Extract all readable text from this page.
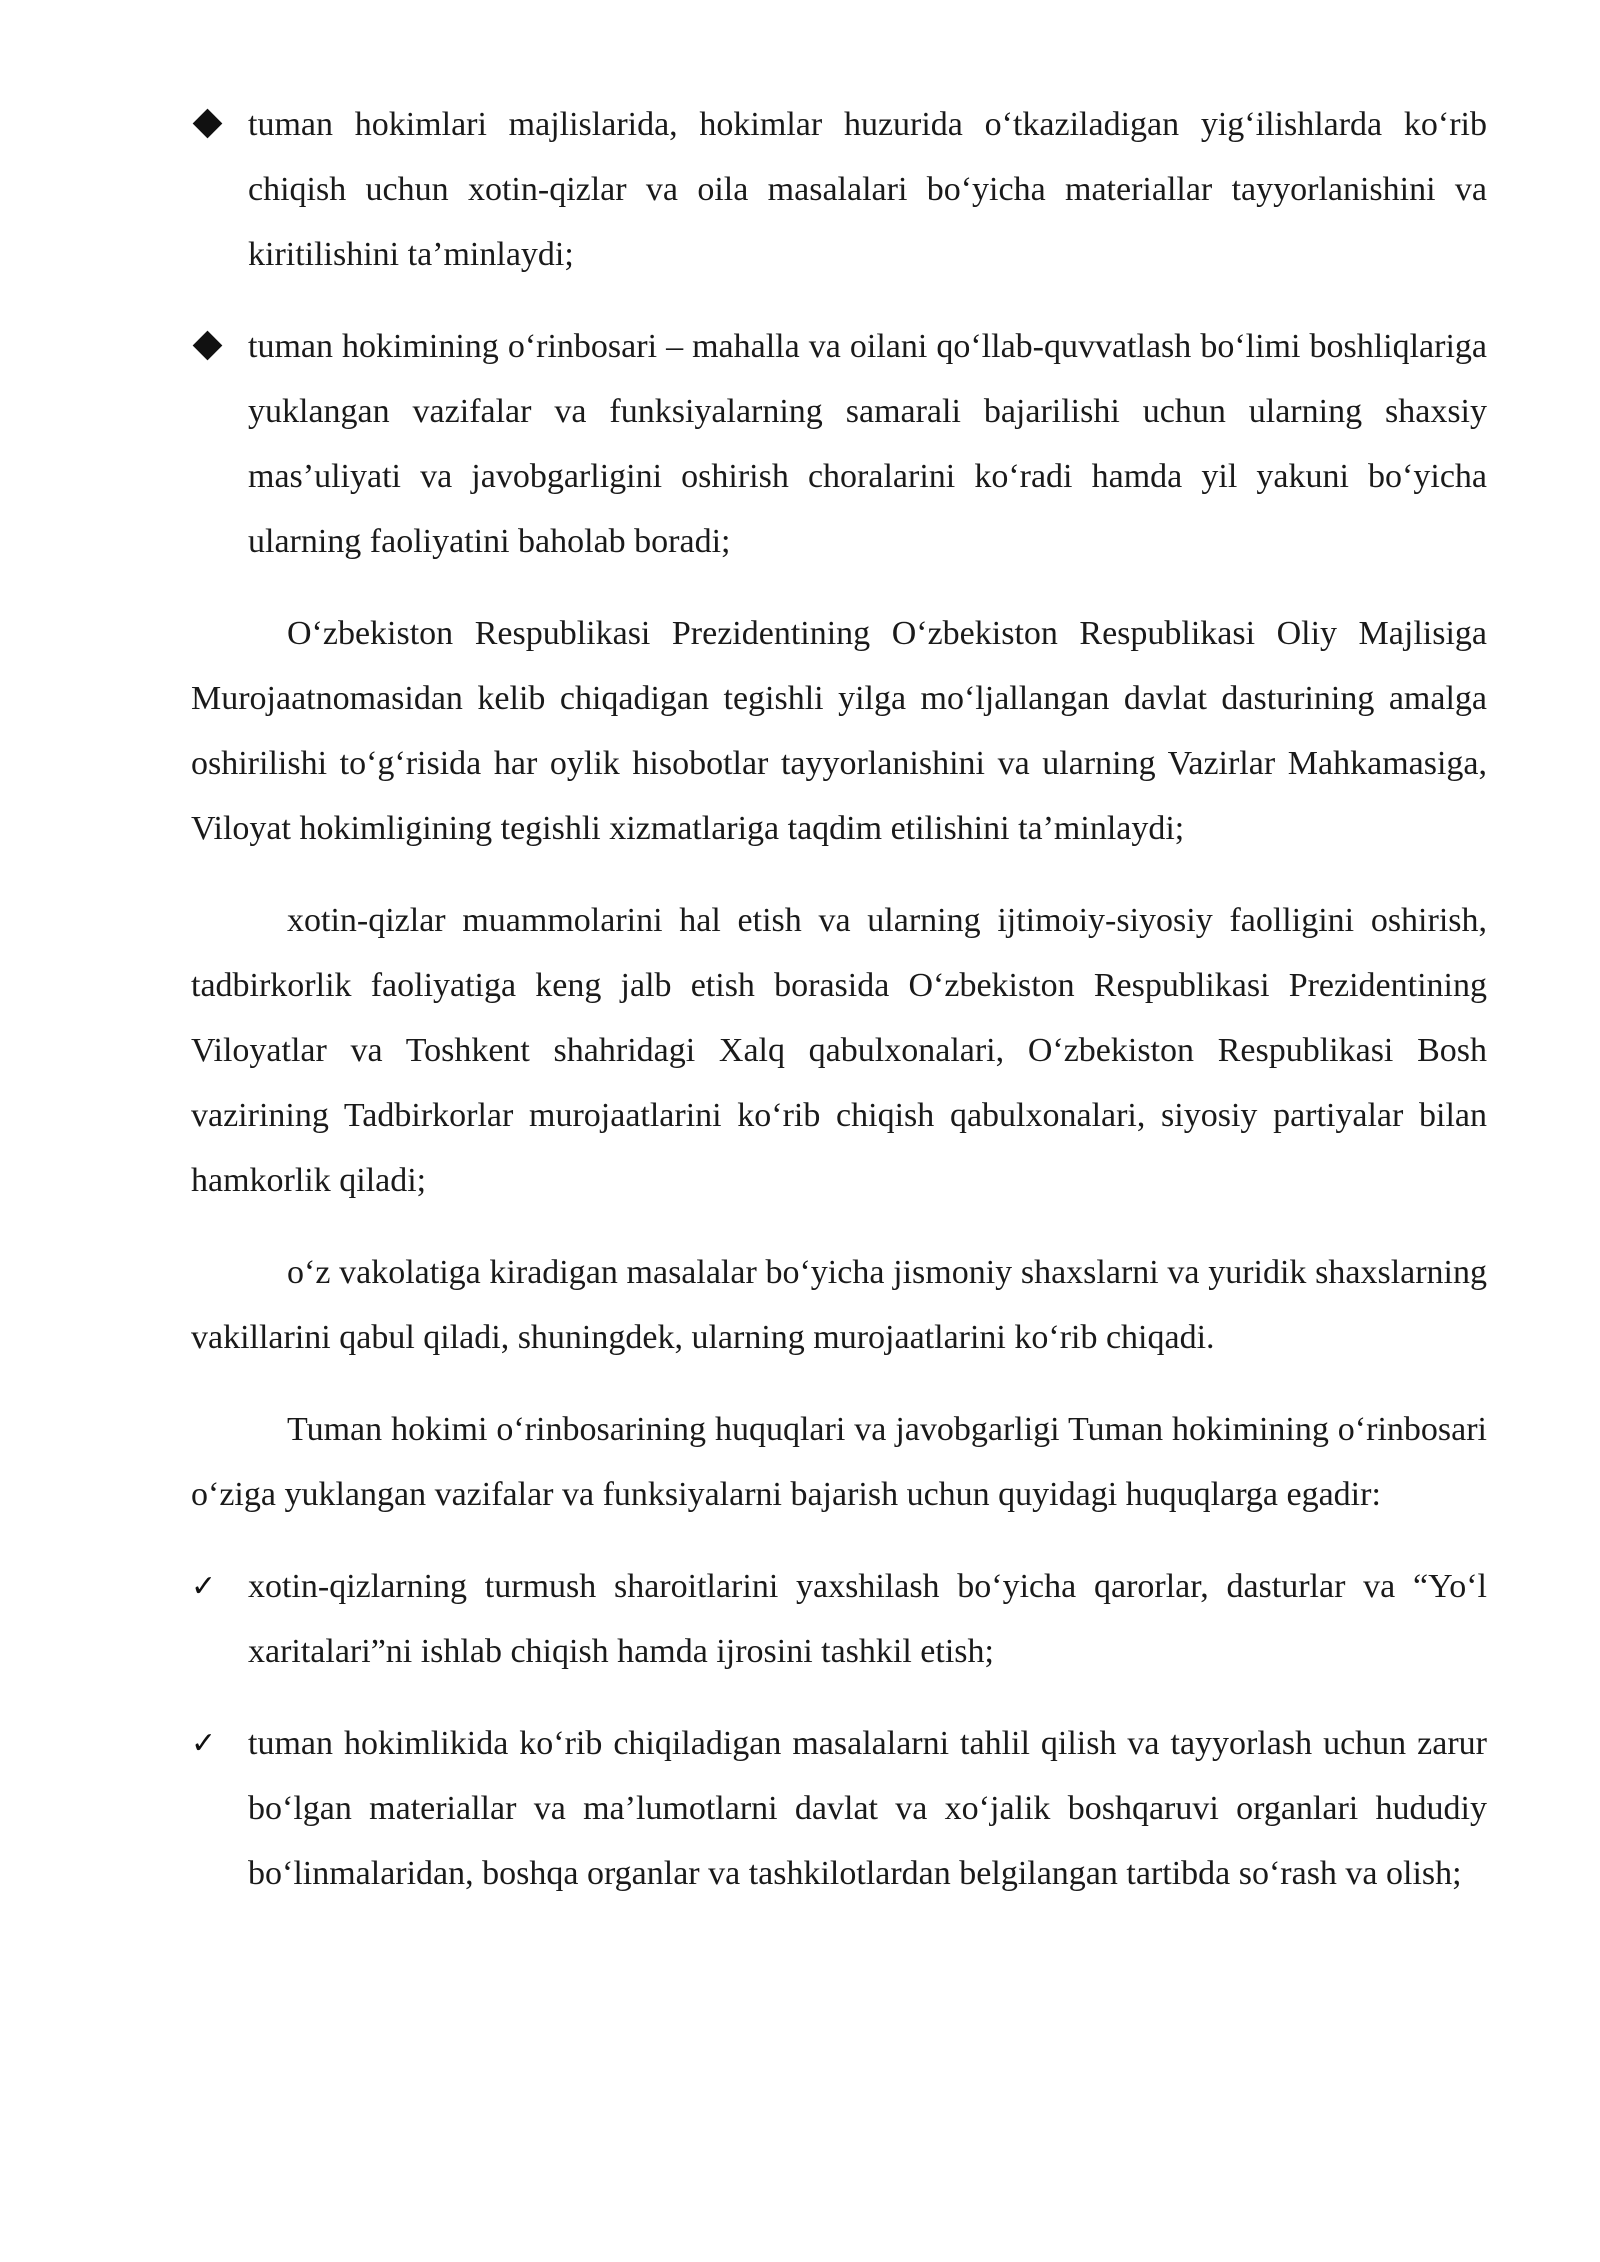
tuman hokimlari majlislarida, hokimlar huzurida o‘tkaziladigan yig‘ilishlarda ko‘rib chiqish uchun xotin-qizlar va oila masalalari bo‘yicha materiallar tayyorlanishini va kiritilishini ta’minlaydi;
tuman hokimining o‘rinbosari – mahalla va oilani qo‘llab-quvvatlash bo‘limi boshliqlariga yuklangan vazifalar va funksiyalarning samarali bajarilishi uchun ularning shaxsiy mas’uliyati va javobgarligini oshirish choralarini ko‘radi hamda yil yakuni bo‘yicha ularning faoliyatini baholab boradi;

O‘zbekiston Respublikasi Prezidentining O‘zbekiston Respublikasi Oliy Majlisiga Murojaatnomasidan kelib chiqadigan tegishli yilga mo‘ljallangan davlat dasturining amalga oshirilishi to‘g‘risida har oylik hisobotlar tayyorlanishini va ularning Vazirlar Mahkamasiga, Viloyat hokimligining tegishli xizmatlariga taqdim etilishini ta’minlaydi;

xotin-qizlar muammolarini hal etish va ularning ijtimoiy-siyosiy faolligini oshirish, tadbirkorlik faoliyatiga keng jalb etish borasida O‘zbekiston Respublikasi Prezidentining Viloyatlar va Toshkent shahridagi Xalq qabulxonalari, O‘zbekiston Respublikasi Bosh vazirining Tadbirkorlar murojaatlarini ko‘rib chiqish qabulxonalari, siyosiy partiyalar bilan hamkorlik qiladi;

o‘z vakolatiga kiradigan masalalar bo‘yicha jismoniy shaxslarni va yuridik shaxslarning vakillarini qabul qiladi, shuningdek, ularning murojaatlarini ko‘rib chiqadi.

Tuman hokimi o‘rinbosarining huquqlari va javobgarligi Tuman hokimining o‘rinbosari o‘ziga yuklangan vazifalar va funksiyalarni bajarish uchun quyidagi huquqlarga egadir:

✓ xotin-qizlarning turmush sharoitlarini yaxshilash bo‘yicha qarorlar, dasturlar va “Yo‘l xaritalari”ni ishlab chiqish hamda ijrosini tashkil etish;
✓ tuman hokimlikida ko‘rib chiqiladigan masalalarni tahlil qilish va tayyorlash uchun zarur bo‘lgan materiallar va ma’lumotlarni davlat va xo‘jalik boshqaruvi organlari hududiy bo‘linmalaridan, boshqa organlar va tashkilotlardan belgilangan tartibda so‘rash va olish;
